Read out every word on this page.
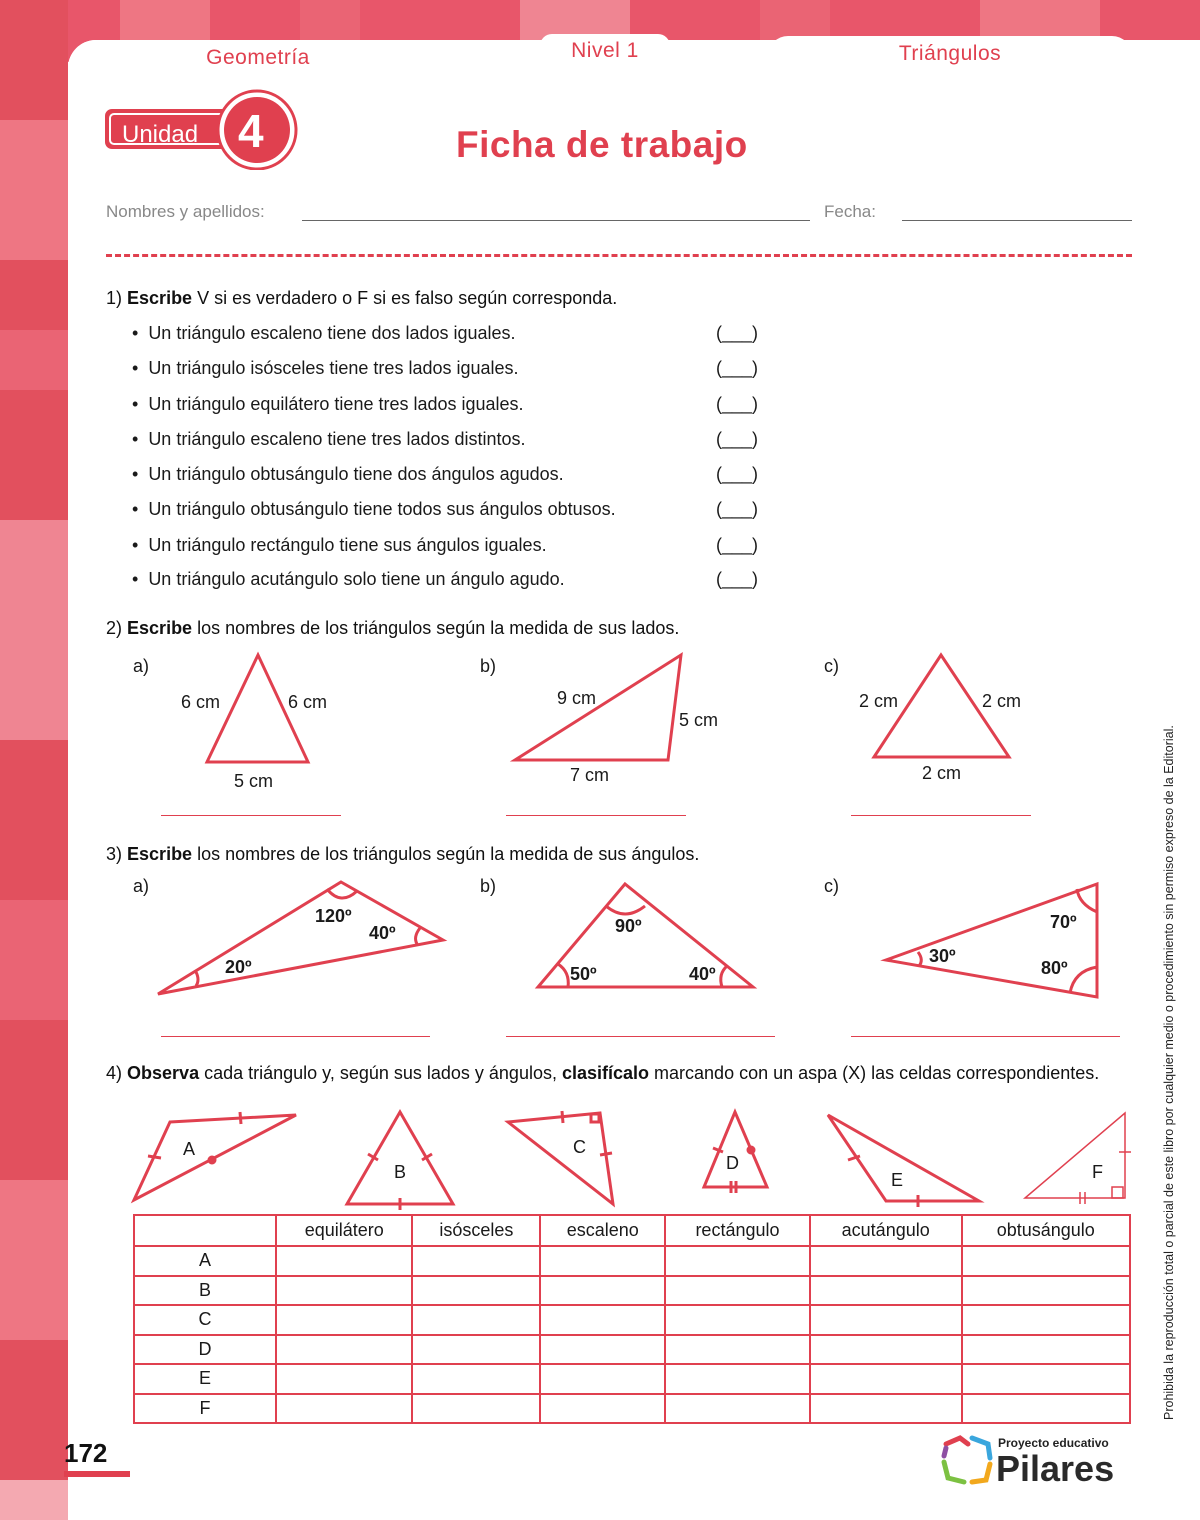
Geometría	Nivel 1	Triángulos
Unidad 4	Ficha de trabajo
Nombres y apellidos:	Fecha:
1) Escribe V si es verdadero o F si es falso según corresponda.
•  Un triángulo escaleno tiene dos lados iguales.	(___)
•  Un triángulo isósceles tiene tres lados iguales.	(___)
•  Un triángulo equilátero tiene tres lados iguales.	(___)
•  Un triángulo escaleno tiene tres lados distintos.	(___)
•  Un triángulo obtusángulo tiene dos ángulos agudos.	(___)
•  Un triángulo obtusángulo tiene todos sus ángulos obtusos.	(___)
•  Un triángulo rectángulo tiene sus ángulos iguales.	(___)
•  Un triángulo acutángulo solo tiene un ángulo agudo.	(___)
2) Escribe los nombres de los triángulos según la medida de sus lados.
a)
6 cm	6 cm
5 cm
b)
9 cm
5 cm
7 cm
c)
2 cm	2 cm
2 cm
3) Escribe los nombres de los triángulos según la medida de sus ángulos.
a)
120º
40º
20º
b)
90º
50º	40º
c)
70º
30º
80º
4) Observa cada triángulo y, según sus lados y ángulos, clasifícalo marcando con un aspa (X) las celdas correspondientes.
A
B
C
D
E	F
	equilátero	isósceles	escaleno	rectángulo	acutángulo	obtusángulo
A						
B						
C						
D						
E						
F							Prohibida la reproducción total o parcial de este libro por cualquier medio o procedimiento sin permiso expreso de la Editorial.
172	Proyecto educativo
Pilares
